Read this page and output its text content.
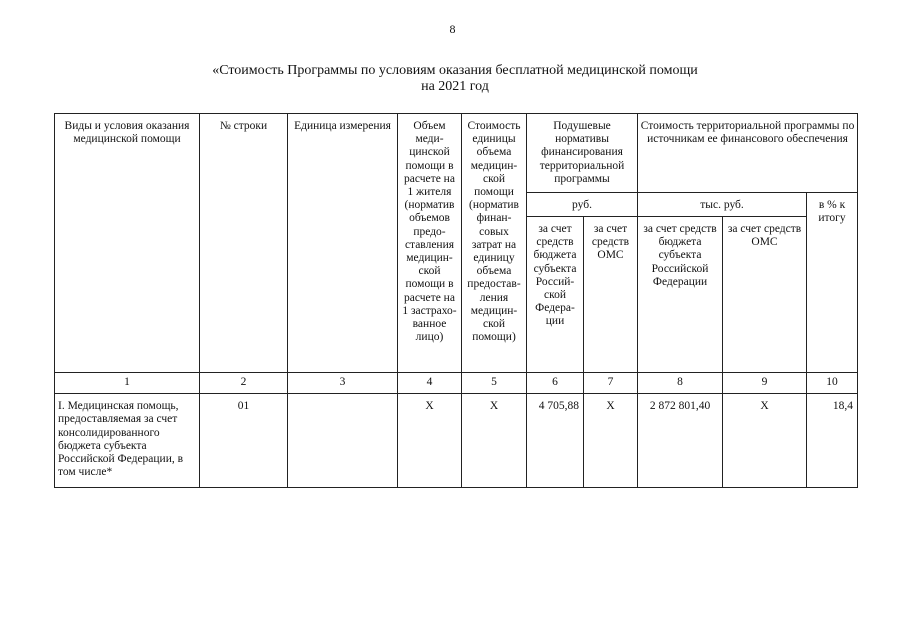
8
«Стоимость Программы по условиям оказания бесплатной медицинской помощи
на 2021 год
Виды и условия оказания медицинской помощи	№ строки	Единица измерения	Объем меди-цинской помощи в расчете на 1 жителя (норматив объемов предо-ставления медицин-ской помощи в расчете на 1 застрахо-ванное лицо)	Стоимость единицы объема медицин-ской помощи (норматив финан-совых затрат на единицу объема предостав-ления медицин-ской помощи)	Подушевые нормативы финансирования территориальной программы		Стоимость территориальной программы по источникам ее финансового обеспечения		
					руб.		тыс. руб.		в % к итогу
					за счет средств бюджета субъекта Россий-ской Федера-ции	за счет средств ОМС	за счет средств бюджета субъекта Российской Федерации	за счет средств ОМС	
1	2	3	4	5	6	7	8	9	10
I. Медицинская помощь, предоставляемая за счет консолидированного бюджета субъекта Российской Федерации, в том числе*	01		Х	Х	4 705,88	Х	2 872 801,40	Х	18,4
